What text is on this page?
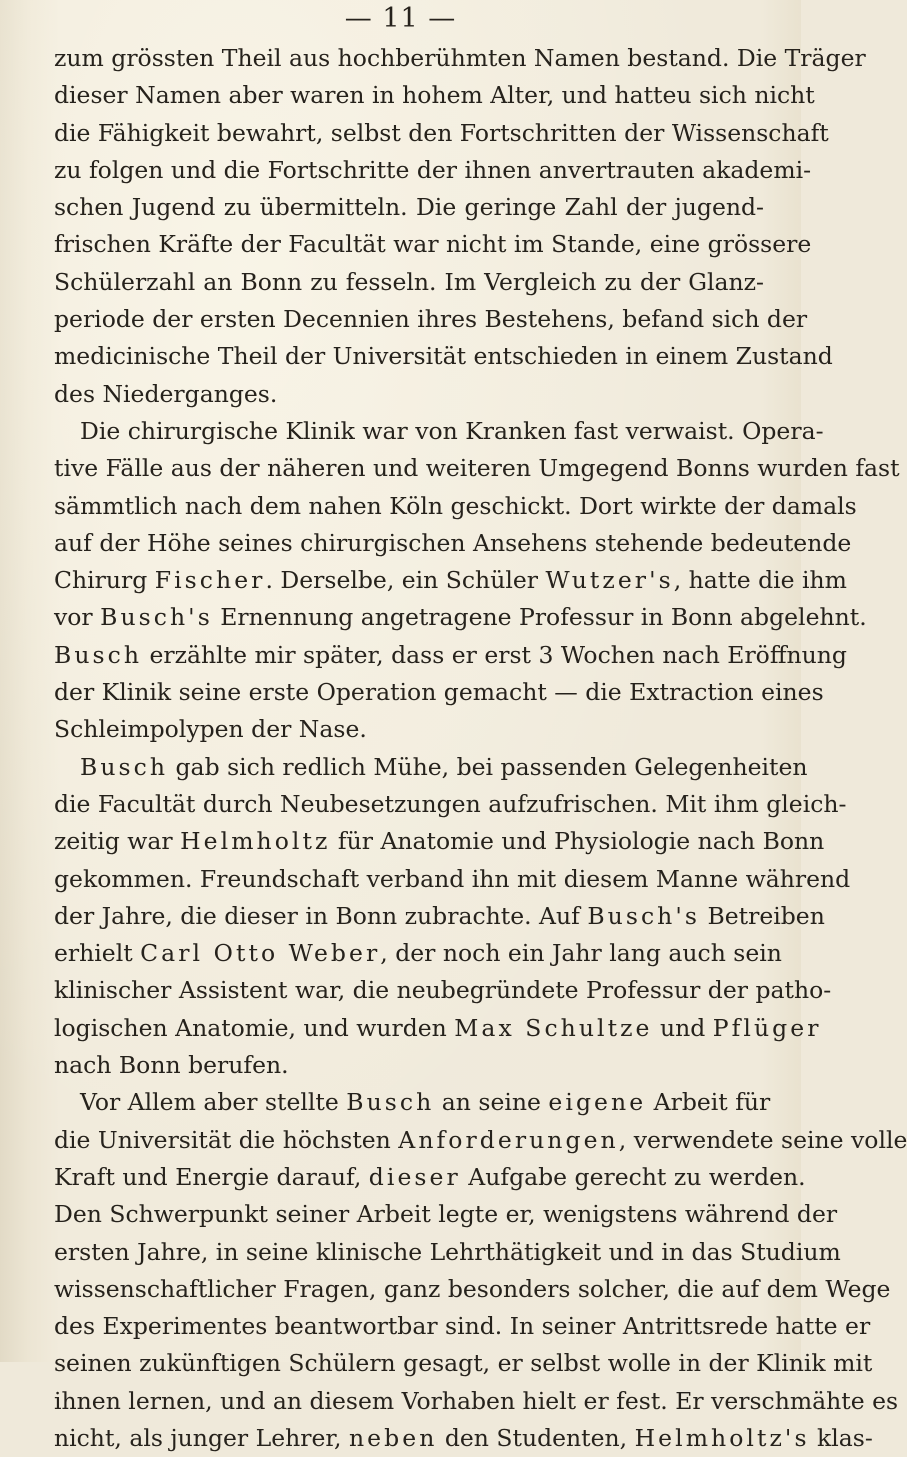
— 11 —
zum grössten Theil aus hochberühmten Namen bestand. Die Träger
dieser Namen aber waren in hohem Alter, und hatteu sich nicht
die Fähigkeit bewahrt, selbst den Fortschritten der Wissenschaft
zu folgen und die Fortschritte der ihnen anvertrauten akademi-
schen Jugend zu übermitteln. Die geringe Zahl der jugend-
frischen Kräfte der Facultät war nicht im Stande, eine grössere
Schülerzahl an Bonn zu fesseln. Im Vergleich zu der Glanz-
periode der ersten Decennien ihres Bestehens, befand sich der
medicinische Theil der Universität entschieden in einem Zustand
des Niederganges.
Die chirurgische Klinik war von Kranken fast verwaist. Opera-
tive Fälle aus der näheren und weiteren Umgegend Bonns wurden fast
sämmtlich nach dem nahen Köln geschickt. Dort wirkte der damals
auf der Höhe seines chirurgischen Ansehens stehende bedeutende
Chirurg Fischer. Derselbe, ein Schüler Wutzer's, hatte die ihm
vor Busch's Ernennung angetragene Professur in Bonn abgelehnt.
Busch erzählte mir später, dass er erst 3 Wochen nach Eröffnung
der Klinik seine erste Operation gemacht — die Extraction eines
Schleimpolypen der Nase.
Busch gab sich redlich Mühe, bei passenden Gelegenheiten
die Facultät durch Neubesetzungen aufzufrischen. Mit ihm gleich-
zeitig war Helmholtz für Anatomie und Physiologie nach Bonn
gekommen. Freundschaft verband ihn mit diesem Manne während
der Jahre, die dieser in Bonn zubrachte. Auf Busch's Betreiben
erhielt Carl Otto Weber, der noch ein Jahr lang auch sein
klinischer Assistent war, die neubegründete Professur der patho-
logischen Anatomie, und wurden Max Schultze und Pflüger
nach Bonn berufen.
Vor Allem aber stellte Busch an seine eigene Arbeit für
die Universität die höchsten Anforderungen, verwendete seine volle
Kraft und Energie darauf, dieser Aufgabe gerecht zu werden.
Den Schwerpunkt seiner Arbeit legte er, wenigstens während der
ersten Jahre, in seine klinische Lehrthätigkeit und in das Studium
wissenschaftlicher Fragen, ganz besonders solcher, die auf dem Wege
des Experimentes beantwortbar sind. In seiner Antrittsrede hatte er
seinen zukünftigen Schülern gesagt, er selbst wolle in der Klinik mit
ihnen lernen, und an diesem Vorhaben hielt er fest. Er verschmähte es
nicht, als junger Lehrer, neben den Studenten, Helmholtz's klas-
